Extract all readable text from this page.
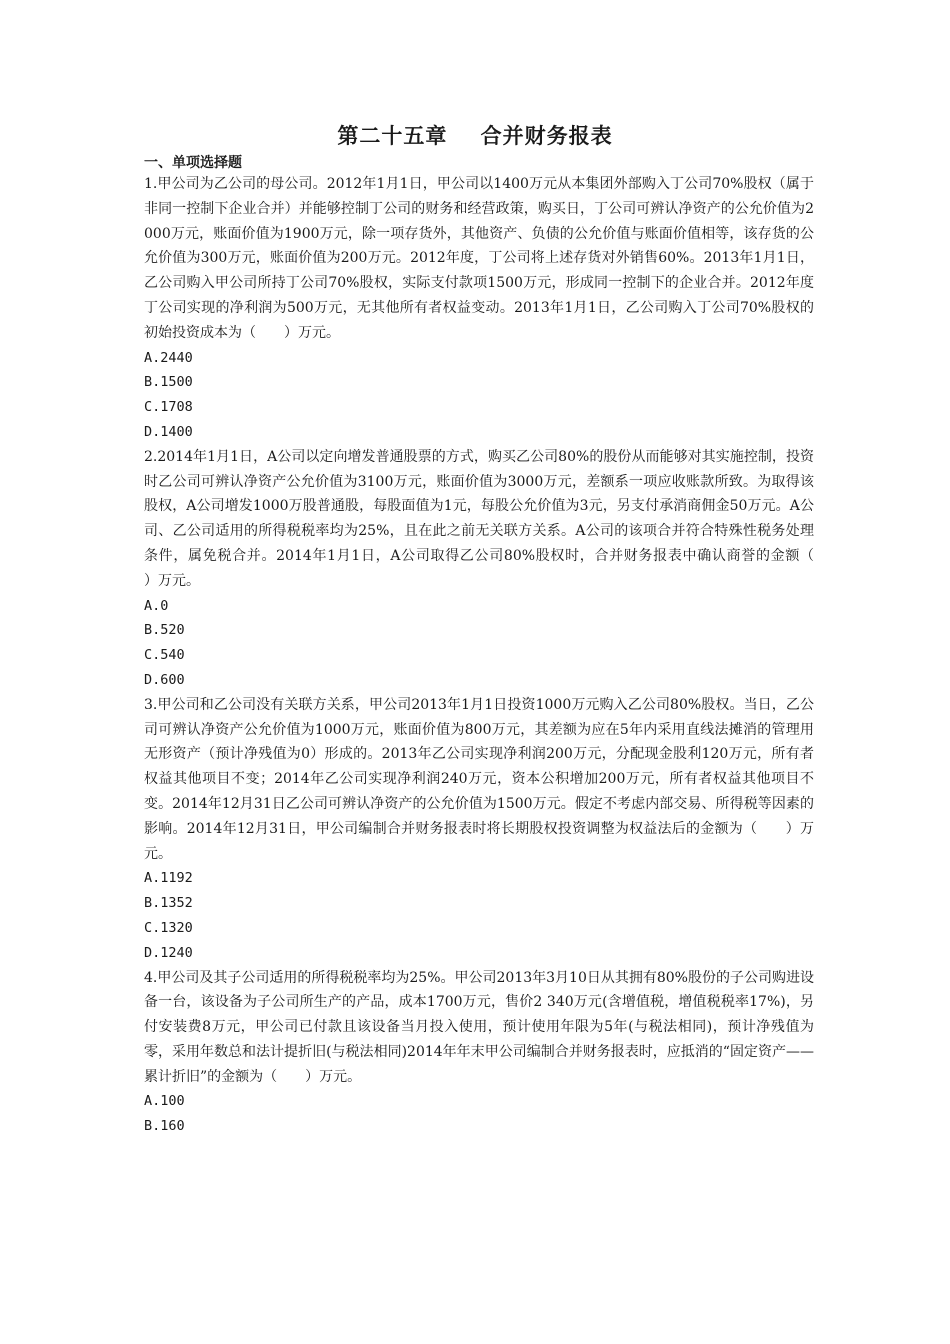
第二十五章    合并财务报表
一、单项选择题

1.甲公司为乙公司的母公司。2012年1月1日，甲公司以1400万元从本集团外部购入丁公司70%股权（属于非同一控制下企业合并）并能够控制丁公司的财务和经营政策，购买日，丁公司可辨认净资产的公允价值为2000万元，账面价值为1900万元，除一项存货外，其他资产、负债的公允价值与账面价值相等，该存货的公允价值为300万元，账面价值为200万元。2012年度，丁公司将上述存货对外销售60%。2013年1月1日，乙公司购入甲公司所持丁公司70%股权，实际支付款项1500万元，形成同一控制下的企业合并。2012年度丁公司实现的净利润为500万元，无其他所有者权益变动。2013年1月1日，乙公司购入丁公司70%股权的初始投资成本为（　　）万元。

A.2440

B.1500

C.1708

D.1400

2.2014年1月1日，A公司以定向增发普通股票的方式，购买乙公司80%的股份从而能够对其实施控制，投资时乙公司可辨认净资产公允价值为3100万元，账面价值为3000万元，差额系一项应收账款所致。为取得该股权，A公司增发1000万股普通股，每股面值为1元，每股公允价值为3元，另支付承消商佣金50万元。A公司、乙公司适用的所得税税率均为25%，且在此之前无关联方关系。A公司的该项合并符合特殊性税务处理条件，属免税合并。2014年1月1日，A公司取得乙公司80%股权时，合并财务报表中确认商誉的金额（　　）万元。

A.0

B.520

C.540

D.600

3.甲公司和乙公司没有关联方关系，甲公司2013年1月1日投资1000万元购入乙公司80%股权。当日，乙公司可辨认净资产公允价值为1000万元，账面价值为800万元，其差额为应在5年内采用直线法摊消的管理用无形资产（预计净残值为0）形成的。2013年乙公司实现净利润200万元，分配现金股利120万元，所有者权益其他项目不变；2014年乙公司实现净利润240万元，资本公积增加200万元，所有者权益其他项目不变。2014年12月31日乙公司可辨认净资产的公允价值为1500万元。假定不考虑内部交易、所得税等因素的影响。2014年12月31日，甲公司编制合并财务报表时将长期股权投资调整为权益法后的金额为（　　）万元。

A.1192

B.1352

C.1320

D.1240

4.甲公司及其子公司适用的所得税税率均为25%。甲公司2013年3月10日从其拥有80%股份的子公司购进设备一台，该设备为子公司所生产的产品，成本1700万元，售价2 340万元(含增值税，增值税税率17%)，另付安装费8万元，甲公司已付款且该设备当月投入使用，预计使用年限为5年(与税法相同)，预计净残值为零，采用年数总和法计提折旧(与税法相同)2014年年末甲公司编制合并财务报表时，应抵消的“固定资产——累计折旧”的金额为（　　）万元。

A.100

B.160
